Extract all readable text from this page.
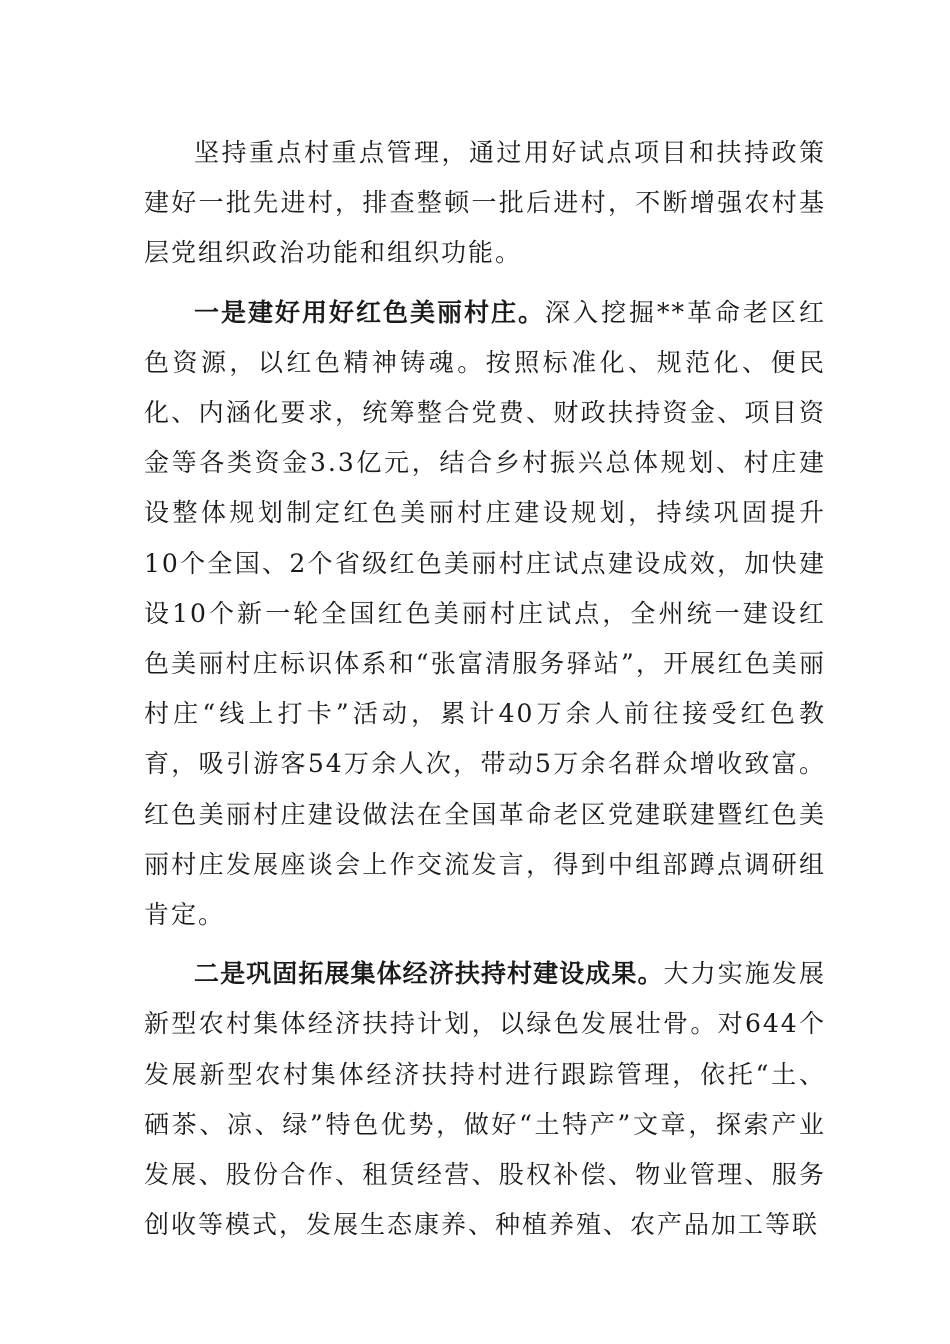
坚持重点村重点管理，通过用好试点项目和扶持政策建好一批先进村，排查整顿一批后进村，不断增强农村基层党组织政治功能和组织功能。

一是建好用好红色美丽村庄。深入挖掘**革命老区红色资源，以红色精神铸魂。按照标准化、规范化、便民化、内涵化要求，统筹整合党费、财政扶持资金、项目资金等各类资金3.3亿元，结合乡村振兴总体规划、村庄建设整体规划制定红色美丽村庄建设规划，持续巩固提升10个全国、2个省级红色美丽村庄试点建设成效，加快建设10个新一轮全国红色美丽村庄试点，全州统一建设红色美丽村庄标识体系和“张富清服务驿站”，开展红色美丽村庄“线上打卡”活动，累计40万余人前往接受红色教育，吸引游客54万余人次，带动5万余名群众增收致富。红色美丽村庄建设做法在全国革命老区党建联建暨红色美丽村庄发展座谈会上作交流发言，得到中组部蹲点调研组肯定。

二是巩固拓展集体经济扶持村建设成果。大力实施发展新型农村集体经济扶持计划，以绿色发展壮骨。对644个发展新型农村集体经济扶持村进行跟踪管理，依托“土、硒茶、凉、绿”特色优势，做好“土特产”文章，探索产业发展、股份合作、租赁经营、股权补偿、物业管理、服务创收等模式，发展生态康养、种植养殖、农产品加工等联
